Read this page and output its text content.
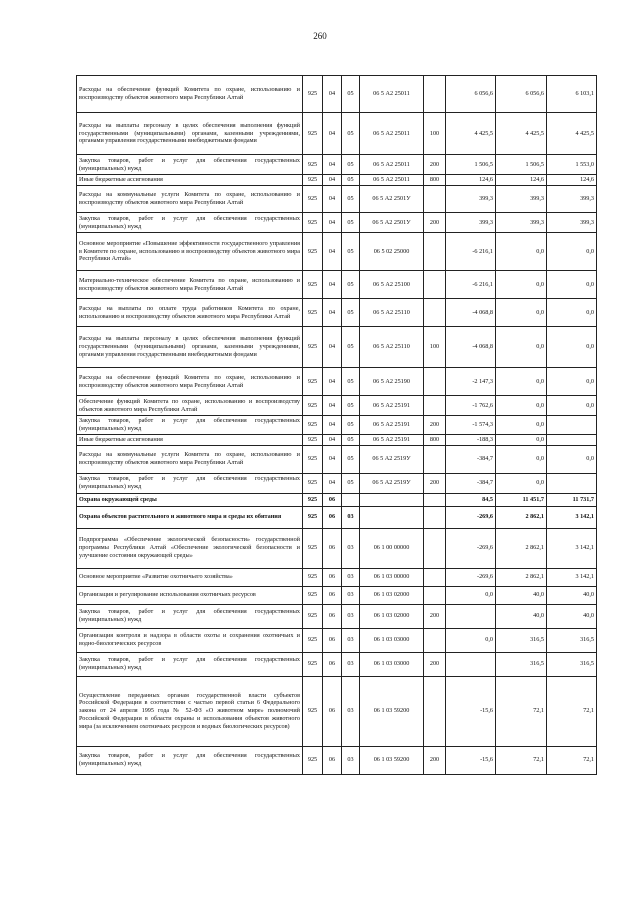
260
Расходы на обеспечение функций Комитета по охране, использованию и воспроизводству объектов животного мира Республики Алтай	925	04	05	06 5 А2 25011		6 056,6	6 056,6	6 103,1
Расходы на выплаты персоналу в целях обеспечения выполнения функций государственными (муниципальными) органами, казенными учреждениями, органами управления государственными внебюджетными фондами	925	04	05	06 5 А2 25011	100	4 425,5	4 425,5	4 425,5
Закупка товаров, работ и услуг для обеспечения государственных (муниципальных) нужд	925	04	05	06 5 А2 25011	200	1 506,5	1 506,5	1 553,0
Иные бюджетные ассигнования	925	04	05	06 5 А2 25011	800	124,6	124,6	124,6
Расходы на коммунальные услуги Комитета по охране, использованию и воспроизводству объектов животного мира Республики Алтай	925	04	05	06 5 А2 2501У		399,3	399,3	399,3
Закупка товаров, работ и услуг для обеспечения государственных (муниципальных) нужд	925	04	05	06 5 А2 2501У	200	399,3	399,3	399,3
Основное мероприятие «Повышение эффективности государственного управления в Комитете по охране, использованию и воспроизводству объектов животного мира Республики Алтай»	925	04	05	06 5 02 25000		-6 216,1	0,0	0,0
Материально-техническое обеспечение Комитета по охране, использованию и воспроизводству объектов животного мира Республики Алтай	925	04	05	06 5 А2 25100		-6 216,1	0,0	0,0
Расходы на выплаты по оплате труда работников Комитета по охране, использованию и воспроизводству объектов животного мира Республики Алтай	925	04	05	06 5 А2 25110		-4 068,8	0,0	0,0
Расходы на выплаты персоналу в целях обеспечения выполнения функций государственными (муниципальными) органами, казенными учреждениями, органами управления государственными внебюджетными фондами	925	04	05	06 5 А2 25110	100	-4 068,8	0,0	0,0
Расходы на обеспечение функций Комитета по охране, использованию и воспроизводству объектов животного мира Республики Алтай	925	04	05	06 5 А2 25190		-2 147,3	0,0	0,0
Обеспечение функций Комитета по охране, использованию и воспроизводству объектов животного мира Республики Алтай	925	04	05	06 5 А2 25191		-1 762,6	0,0	0,0
Закупка товаров, работ и услуг для обеспечения государственных (муниципальных) нужд	925	04	05	06 5 А2 25191	200	-1 574,3	0,0	
Иные бюджетные ассигнования	925	04	05	06 5 А2 25191	800	-188,3	0,0	
Расходы на коммунальные услуги Комитета по охране, использованию и воспроизводству объектов животного мира Республики Алтай	925	04	05	06 5 А2 2519У		-384,7	0,0	0,0
Закупка товаров, работ и услуг для обеспечения государственных (муниципальных) нужд	925	04	05	06 5 А2 2519У	200	-384,7	0,0	
Охрана окружающей среды	925	06				84,5	11 451,7	11 731,7
Охрана объектов растительного и животного мира и среды их обитания	925	06	03			-269,6	2 862,1	3 142,1
Подпрограмма «Обеспечение экологической безопасности» государственной программы Республики Алтай «Обеспечение экологической безопасности и улучшение состояния окружающей среды»	925	06	03	06 1 00 00000		-269,6	2 862,1	3 142,1
Основное мероприятие «Развитие охотничьего хозяйства»	925	06	03	06 1 03 00000		-269,6	2 862,1	3 142,1
Организация и регулирование использования охотничьих ресурсов	925	06	03	06 1 03 02000		0,0	40,0	40,0
Закупка товаров, работ и услуг для обеспечения государственных (муниципальных) нужд	925	06	03	06 1 03 02000	200		40,0	40,0
Организация контроля и надзора в области охоты и сохранения охотничьих и водно-биологических ресурсов	925	06	03	06 1 03 03000		0,0	316,5	316,5
Закупка товаров, работ и услуг для обеспечения государственных (муниципальных) нужд	925	06	03	06 1 03 03000	200		316,5	316,5
Осуществление переданных органам государственной власти субъектов Российской Федерации в соответствии с частью первой статьи 6 Федерального закона от 24 апреля 1995 года № 52-ФЗ «О животном мире» полномочий Российской Федерации в области охраны и использования объектов животного мира (за исключением охотничьих ресурсов и водных биологических ресурсов)	925	06	03	06 1 03 59200		-15,6	72,1	72,1
Закупка товаров, работ и услуг для обеспечения государственных (муниципальных) нужд	925	06	03	06 1 03 59200	200	-15,6	72,1	72,1
